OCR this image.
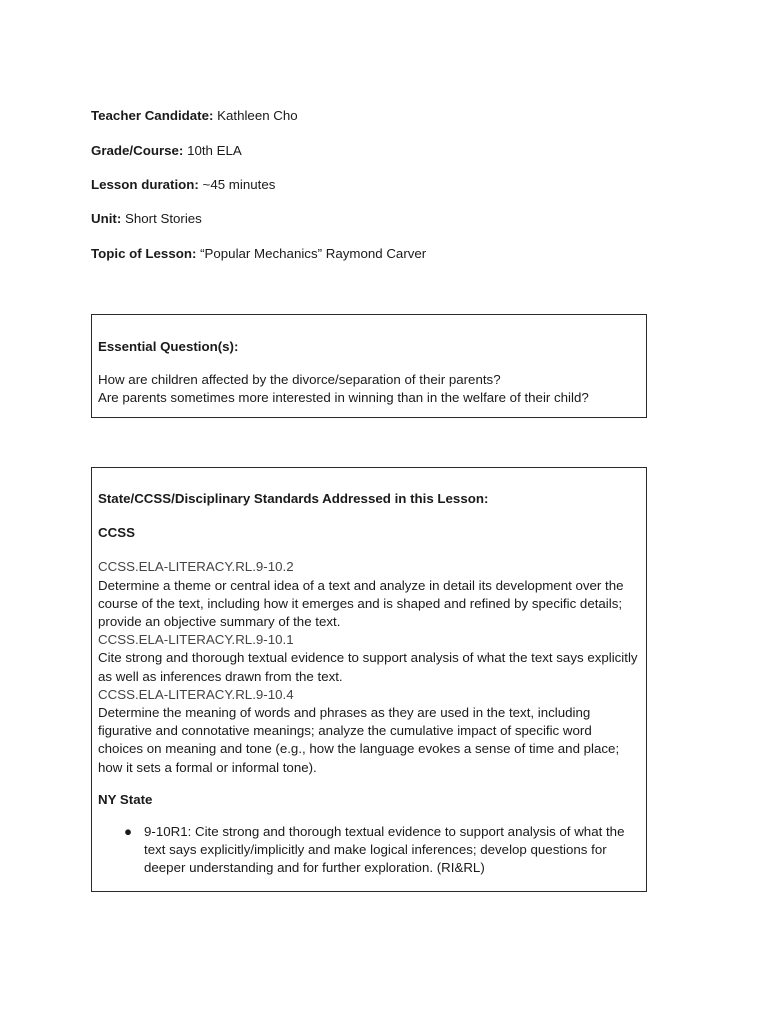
Teacher Candidate: Kathleen Cho
Grade/Course: 10th ELA
Lesson duration: ~45 minutes
Unit: Short Stories
Topic of Lesson: “Popular Mechanics” Raymond Carver

Essential Question(s):

How are children affected by the divorce/separation of their parents?

Are parents sometimes more interested in winning than in the welfare of their child?

State/CCSS/Disciplinary Standards Addressed in this Lesson:

CCSS

CCSS.ELA-LITERACY.RL.9-10.2

Determine a theme or central idea of a text and analyze in detail its development over the course of the text, including how it emerges and is shaped and refined by specific details; provide an objective summary of the text.

CCSS.ELA-LITERACY.RL.9-10.1

Cite strong and thorough textual evidence to support analysis of what the text says explicitly as well as inferences drawn from the text.

CCSS.ELA-LITERACY.RL.9-10.4

Determine the meaning of words and phrases as they are used in the text, including figurative and connotative meanings; analyze the cumulative impact of specific word choices on meaning and tone (e.g., how the language evokes a sense of time and place; how it sets a formal or informal tone).

NY State

● 9-10R1: Cite strong and thorough textual evidence to support analysis of what the text says explicitly/implicitly and make logical inferences; develop questions for deeper understanding and for further exploration. (RI&RL)
